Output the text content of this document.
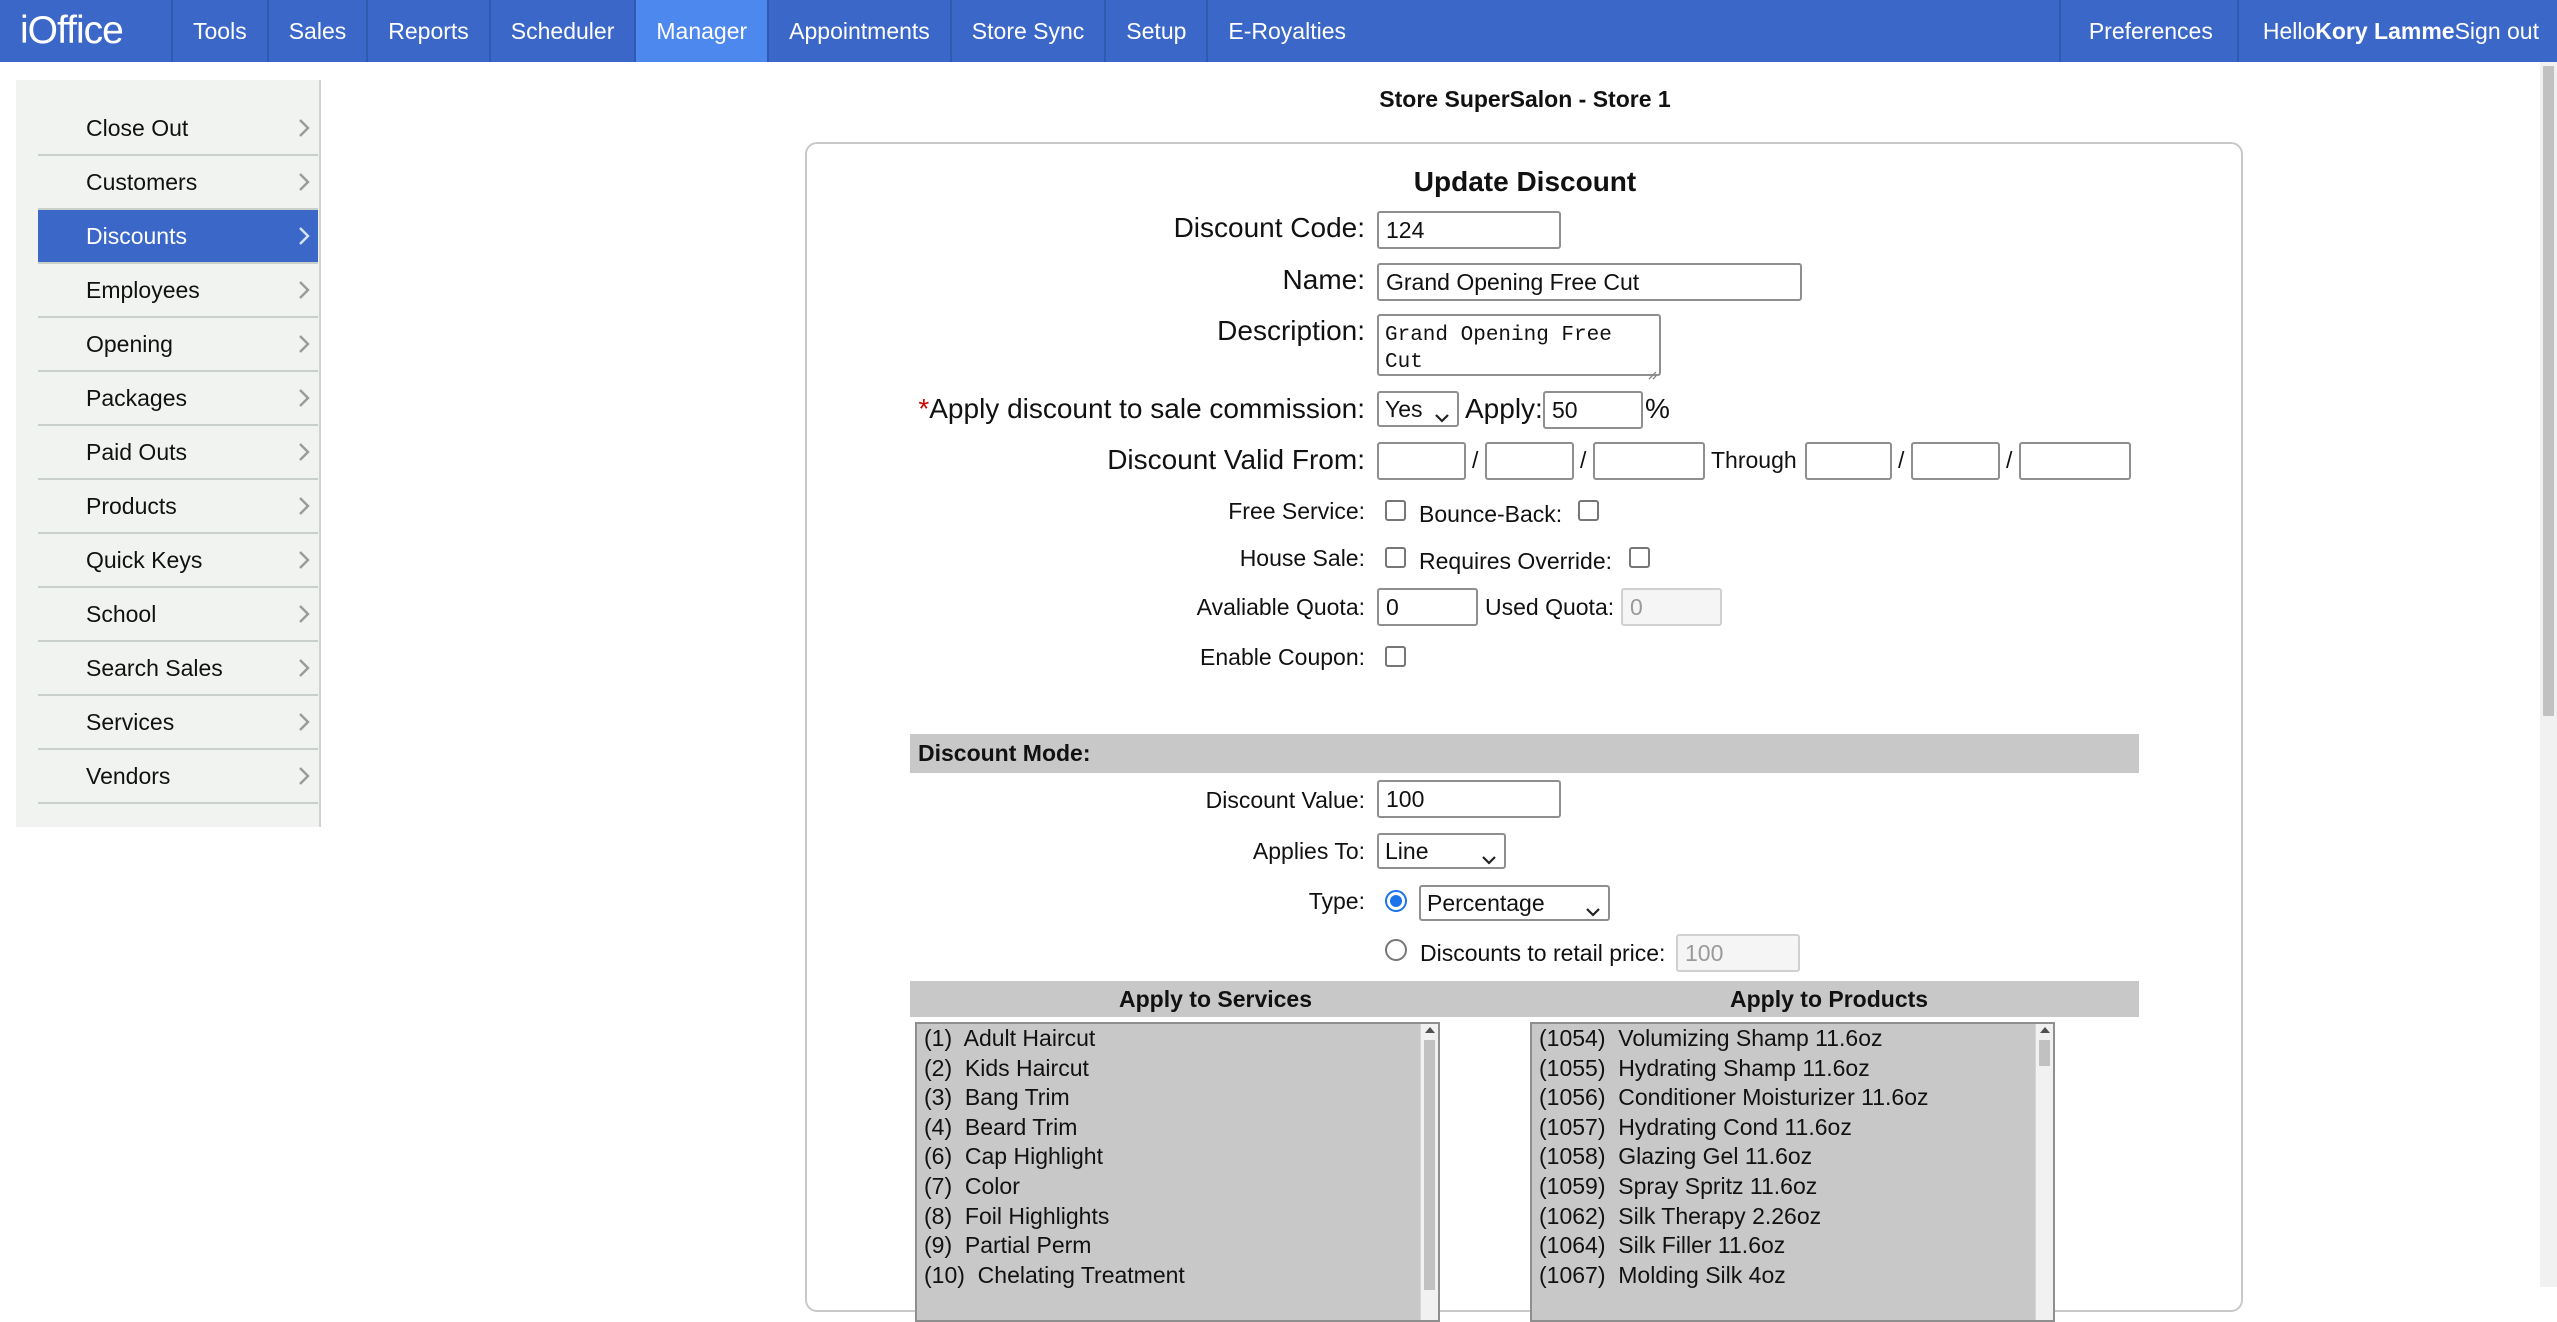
iOffice	Tools	Sales	Reports	Scheduler	Manager	Appointments	Store Sync	Setup	E-Royalties	Preferences	Hello Kory Lamme Sign out
Close Out
Customers
Discounts
Employees
Opening
Packages
Paid Outs
Products
Quick Keys
School
Search Sales
Services
Vendors
Store SuperSalon - Store 1
Update Discount
Discount Code: 124
Name: Grand Opening Free Cut
Description: Grand Opening Free
Cut
*Apply discount to sale commission: Yes Apply: 50	%
Discount Valid From:	/	/	Through	/	/
Free Service: Bounce-Back:
House Sale: Requires Override:
Avaliable Quota: 0	Used Quota: 0
Enable Coupon:
Discount Mode:
Discount Value: 100
Applies To: Line
Type:	Percentage
Discounts to retail price: 100
Apply to Services	Apply to Products
(1)  Adult Haircut
(2)  Kids Haircut
(3)  Bang Trim
(4)  Beard Trim
(6)  Cap Highlight
(7)  Color
(8)  Foil Highlights
(9)  Partial Perm
(10)  Chelating Treatment
(1054)  Volumizing Shamp 11.6oz
(1055)  Hydrating Shamp 11.6oz
(1056)  Conditioner Moisturizer 11.6oz
(1057)  Hydrating Cond 11.6oz
(1058)  Glazing Gel 11.6oz
(1059)  Spray Spritz 11.6oz
(1062)  Silk Therapy 2.26oz
(1064)  Silk Filler 11.6oz
(1067)  Molding Silk 4oz
